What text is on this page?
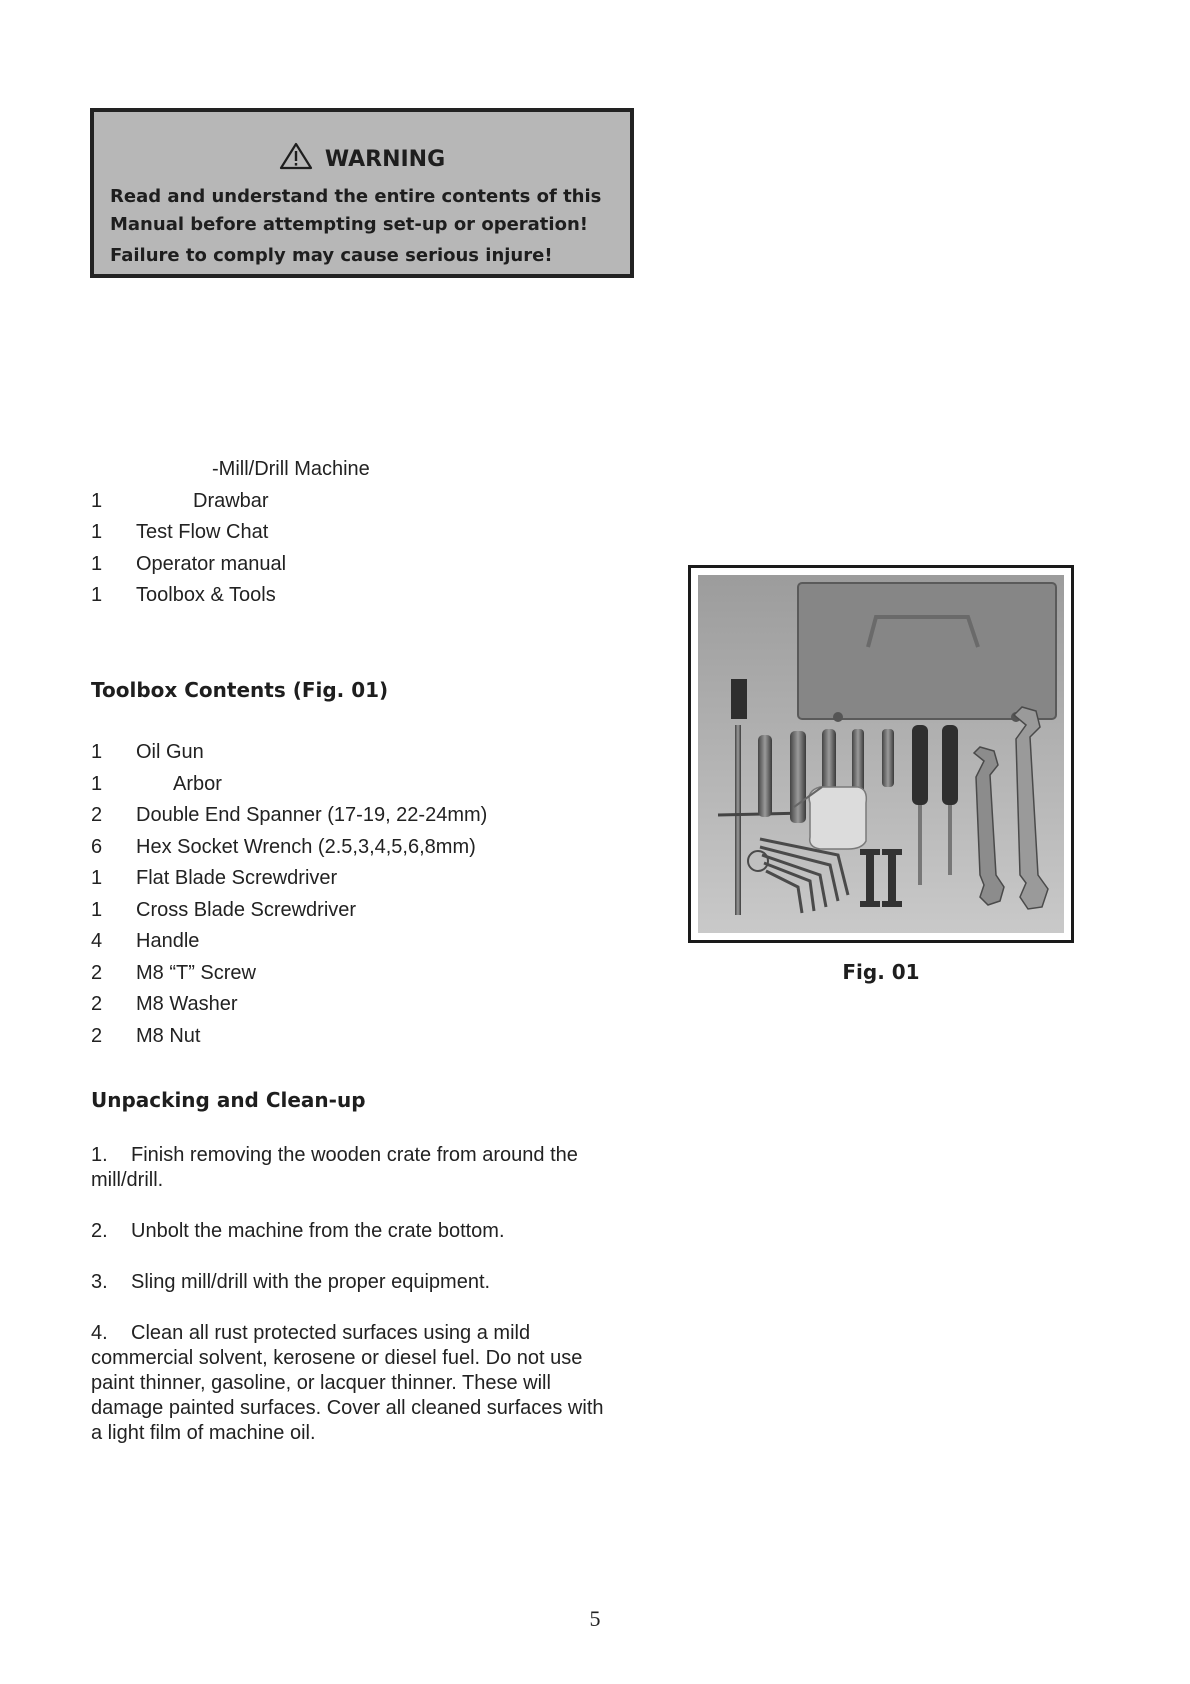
WARNING
Read and understand the entire contents of this
Manual before attempting set-up or operation!
Failure to comply may cause serious injure!
-Mill/Drill Machine
1	Drawbar
1 Test Flow Chat
1 Operator manual
1 Toolbox & Tools
Toolbox Contents (Fig. 01)
1 Oil Gun
1	Arbor
2 Double End Spanner (17-19, 22-24mm)
6 Hex Socket Wrench (2.5,3,4,5,6,8mm)
1 Flat Blade Screwdriver
1 Cross Blade Screwdriver
4 Handle
2 M8 “T” Screw
2 M8 Washer
2 M8 Nut
Unpacking and Clean-up
1. Finish removing the wooden crate from around the mill/drill.
2. Unbolt the machine from the crate bottom.
3. Sling mill/drill with the proper equipment.
4. Clean all rust protected surfaces using a mild commercial solvent, kerosene or diesel fuel. Do not use paint thinner, gasoline, or lacquer thinner. These will damage painted surfaces. Cover all cleaned surfaces with a light film of machine oil.
Fig. 01
5
